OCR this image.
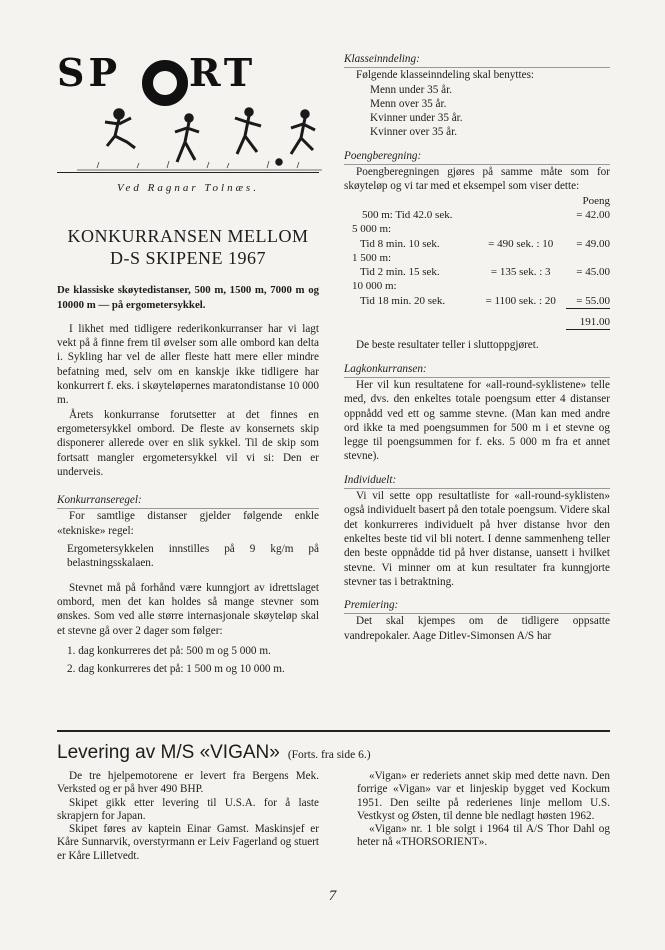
SP RT

Ved Ragnar Tolnæs.

KONKURRANSEN MELLOM
D-S SKIPENE 1967

De klassiske skøytedistanser, 500 m, 1500 m, 7000 m og 10000 m — på ergometersykkel.

I likhet med tidligere rederikonkurranser har vi lagt vekt på å finne frem til øvelser som alle ombord kan delta i. Sykling har vel de aller fleste hatt mere eller mindre befatning med, selv om en kanskje ikke tidligere har konkurrert f. eks. i skøyteløpernes maratondistanse 10 000 m.

Årets konkurranse forutsetter at det finnes en ergometersykkel ombord. De fleste av konsernets skip disponerer allerede over en slik sykkel. Til de skip som fortsatt mangler ergometersykkel vil vi si: Den er underveis.

Konkurranseregel:

For samtlige distanser gjelder følgende enkle «tekniske» regel:

Ergometersykkelen innstilles på 9 kg/m på belastningsskalaen.

Stevnet må på forhånd være kunngjort av idrettslaget ombord, men det kan holdes så mange stevner som ønskes. Som ved alle større internasjonale skøyteløp skal et stevne gå over 2 dager som følger:

1. dag konkurreres det på: 500 m og 5 000 m.

2. dag konkurreres det på: 1 500 m og 10 000 m.

Klasseinndeling:

Følgende klasseinndeling skal benyttes:

Menn under 35 år.

Menn over 35 år.

Kvinner under 35 år.

Kvinner over 35 år.

Poengberegning:

Poengberegningen gjøres på samme måte som for skøyteløp og vi tar med et eksempel som viser dette:

		Poeng
500 m: Tid 42.0 sek.		= 42.00
5 000 m:		
Tid 8 min. 10 sek.	= 490 sek. : 10	= 49.00
1 500 m:		
Tid 2 min. 15 sek.	= 135 sek. : 3	= 45.00
10 000 m:		
Tid 18 min. 20 sek.	= 1100 sek. : 20	= 55.00
		191.00

De beste resultater teller i sluttoppgjøret.

Lagkonkurransen:

Her vil kun resultatene for «all-round-syklistene» telle med, dvs. den enkeltes totale poengsum etter 4 distanser oppnådd ved ett og samme stevne. (Man kan med andre ord ikke ta med poengsummen for 500 m i et stevne og legge til poengsummen for f. eks. 5 000 m fra et annet stevne).

Individuelt:

Vi vil sette opp resultatliste for «all-round-syklisten» også individuelt basert på den totale poengsum. Videre skal det konkurreres individuelt på hver distanse hvor den enkeltes beste tid vil bli notert. I denne sammenheng teller den beste oppnådde tid på hver distanse, uansett i hvilket stevne. Vi minner om at kun resultater fra kunngjorte stevner tas i betraktning.

Premiering:

Det skal kjempes om de tidligere oppsatte vandrepokaler. Aage Ditlev-Simonsen A/S har

Levering av M/S «VIGAN» (Forts. fra side 6.)

De tre hjelpemotorene er levert fra Bergens Mek. Verksted og er på hver 490 BHP.

Skipet gikk etter levering til U.S.A. for å laste skrapjern for Japan.

Skipet føres av kaptein Einar Gamst. Maskinsjef er Kåre Sunnarvik, overstyrmann er Leiv Fagerland og stuert er Kåre Lilletvedt.

«Vigan» er rederiets annet skip med dette navn. Den forrige «Vigan» var et linjeskip bygget ved Kockum 1951. Den seilte på rederienes linje mellom U.S. Vestkyst og Østen, til denne ble nedlagt høsten 1962.

«Vigan» nr. 1 ble solgt i 1964 til A/S Thor Dahl og heter nå «THORSORIENT».

7
